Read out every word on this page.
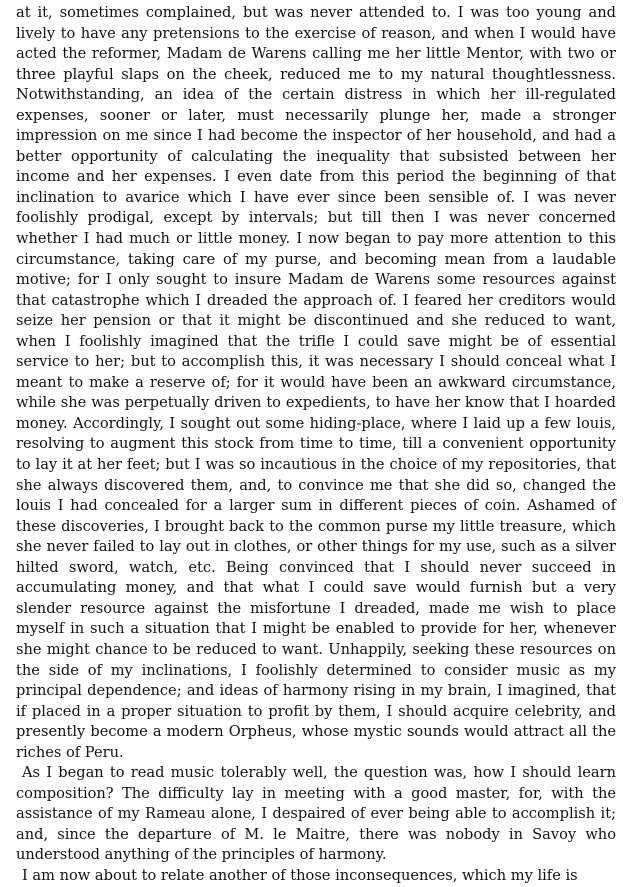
at it, sometimes complained, but was never attended to. I was too young and lively to have any pretensions to the exercise of reason, and when I would have acted the reformer, Madam de Warens calling me her little Mentor, with two or three playful slaps on the cheek, reduced me to my natural thoughtlessness. Notwithstanding, an idea of the certain distress in which her ill-regulated expenses, sooner or later, must necessarily plunge her, made a stronger impression on me since I had become the inspector of her household, and had a better opportunity of calculating the inequality that subsisted between her income and her expenses. I even date from this period the beginning of that inclination to avarice which I have ever since been sensible of. I was never foolishly prodigal, except by intervals; but till then I was never concerned whether I had much or little money. I now began to pay more attention to this circumstance, taking care of my purse, and becoming mean from a laudable motive; for I only sought to insure Madam de Warens some resources against that catastrophe which I dreaded the approach of. I feared her creditors would seize her pension or that it might be discontinued and she reduced to want, when I foolishly imagined that the trifle I could save might be of essential service to her; but to accomplish this, it was necessary I should conceal what I meant to make a reserve of; for it would have been an awkward circumstance, while she was perpetually driven to expedients, to have her know that I hoarded money. Accordingly, I sought out some hiding-place, where I laid up a few louis, resolving to augment this stock from time to time, till a convenient opportunity to lay it at her feet; but I was so incautious in the choice of my repositories, that she always discovered them, and, to convince me that she did so, changed the louis I had concealed for a larger sum in different pieces of coin. Ashamed of these discoveries, I brought back to the common purse my little treasure, which she never failed to lay out in clothes, or other things for my use, such as a silver hilted sword, watch, etc. Being convinced that I should never succeed in accumulating money, and that what I could save would furnish but a very slender resource against the misfortune I dreaded, made me wish to place myself in such a situation that I might be enabled to provide for her, whenever she might chance to be reduced to want. Unhappily, seeking these resources on the side of my inclinations, I foolishly determined to consider music as my principal dependence; and ideas of harmony rising in my brain, I imagined, that if placed in a proper situation to profit by them, I should acquire celebrity, and presently become a modern Orpheus, whose mystic sounds would attract all the riches of Peru.

As I began to read music tolerably well, the question was, how I should learn composition? The difficulty lay in meeting with a good master, for, with the assistance of my Rameau alone, I despaired of ever being able to accomplish it; and, since the departure of M. le Maitre, there was nobody in Savoy who understood anything of the principles of harmony.

I am now about to relate another of those inconsequences, which my life is
